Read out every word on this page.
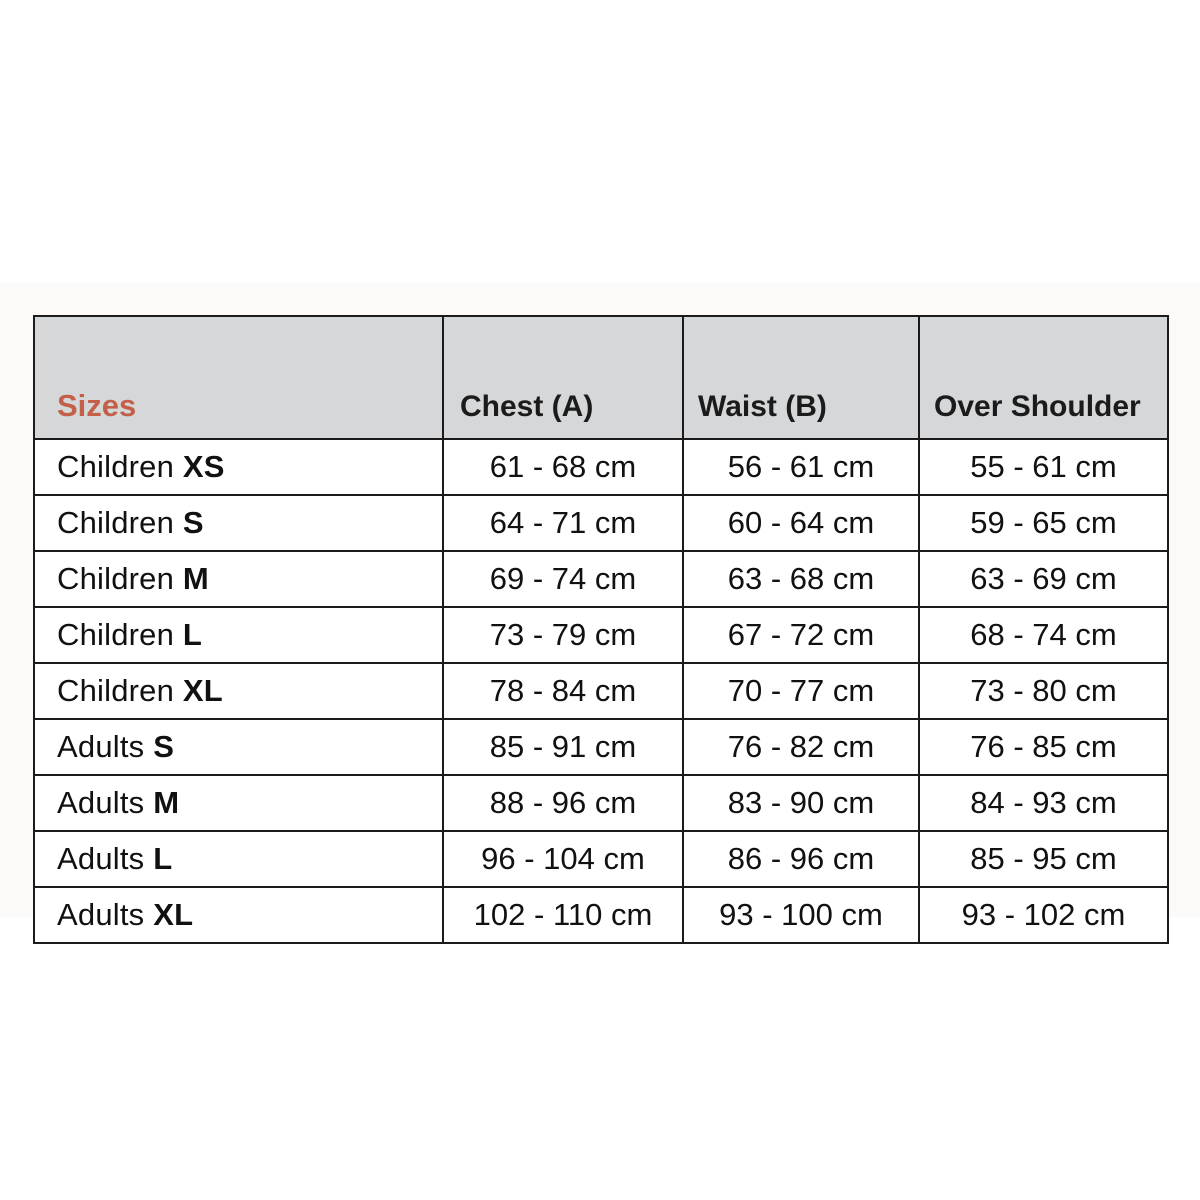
Sizes	Chest (A)	Waist (B)	Over Shoulder
Children XS	61 - 68 cm	56 - 61 cm	55 - 61 cm
Children S	64 - 71 cm	60 - 64 cm	59 - 65 cm
Children M	69 - 74 cm	63 - 68 cm	63 - 69 cm
Children L	73 - 79 cm	67 - 72 cm	68 - 74 cm
Children XL	78 - 84 cm	70 - 77 cm	73 - 80 cm
Adults S	85 - 91 cm	76 - 82 cm	76 - 85 cm
Adults M	88 - 96 cm	83 - 90 cm	84 - 93 cm
Adults L	96 - 104 cm	86 - 96 cm	85 - 95 cm
Adults XL	102 - 110 cm	93 - 100 cm	93 - 102 cm
